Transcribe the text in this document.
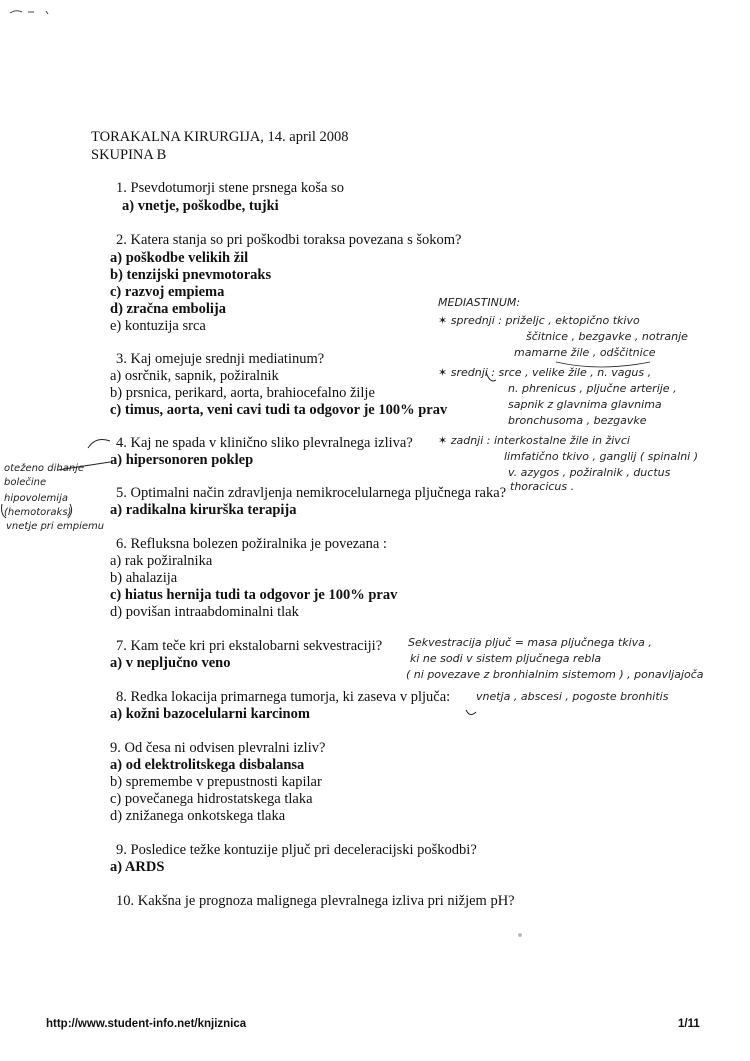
TORAKALNA KIRURGIJA, 14. april 2008
SKUPINA B
1. Psevdotumorji stene prsnega koša so
a) vnetje, poškodbe, tujki
2. Katera stanja so pri poškodbi toraksa povezana s šokom?
a) poškodbe velikih žil
b) tenzijski pnevmotoraks
c) razvoj empiema
d) zračna embolija
e) kontuzija srca
3. Kaj omejuje srednji mediatinum?
a) osrčnik, sapnik, požiralnik
b) prsnica, perikard, aorta, brahiocefalno žilje
c) timus, aorta, veni cavi tudi ta odgovor je 100% prav
4. Kaj ne spada v klinično sliko plevralnega izliva?
a) hipersonoren poklep
5. Optimalni način zdravljenja nemikrocelularnega pljučnega raka?
a) radikalna kirurška terapija
6. Refluksna bolezen požiralnika je povezana :
a) rak požiralnika
b) ahalazija
c) hiatus hernija tudi ta odgovor je 100% prav
d) povišan intraabdominalni tlak
7. Kam teče kri pri ekstalobarni sekvestraciji?
a) v nepljučno veno
8. Redka lokacija primarnega tumorja, ki zaseva v pljuča:
a) kožni bazocelularni karcinom
9. Od česa ni odvisen plevralni izliv?
a) od elektrolitskega disbalansa
b) spremembe v prepustnosti kapilar
c) povečanega hidrostatskega tlaka
d) znižanega onkotskega tlaka
9. Posledice težke kontuzije pljuč pri deceleracijski poškodbi?
a) ARDS
10. Kakšna je prognoza malignega plevralnega izliva pri nižjem pH?
MEDIASTINUM:
✶ sprednji : priželjc , ektopično tkivo
ščitnice , bezgavke , notranje
mamarne žile , odščitnice
✶ srednji : srce , velike žile , n. vagus ,
n. phrenicus , pljučne arterije ,
sapnik z glavnima glavnima
bronchusoma , bezgavke
✶ zadnji : interkostalne žile in živci
limfatično tkivo , ganglij ( spinalni )
v. azygos , požiralnik , ductus
thoracicus .
oteženo dihanje
bolečine
hipovolemija
(hemotoraks)
vnetje pri empiemu
Sekvestracija pljuč = masa pljučnega tkiva ,
ki ne sodi v sistem pljučnega rebla
( ni povezave z bronhialnim sistemom ) , ponavljajoča
vnetja , abscesi , pogoste bronhitis
http://www.student-info.net/knjiznica	1/11
